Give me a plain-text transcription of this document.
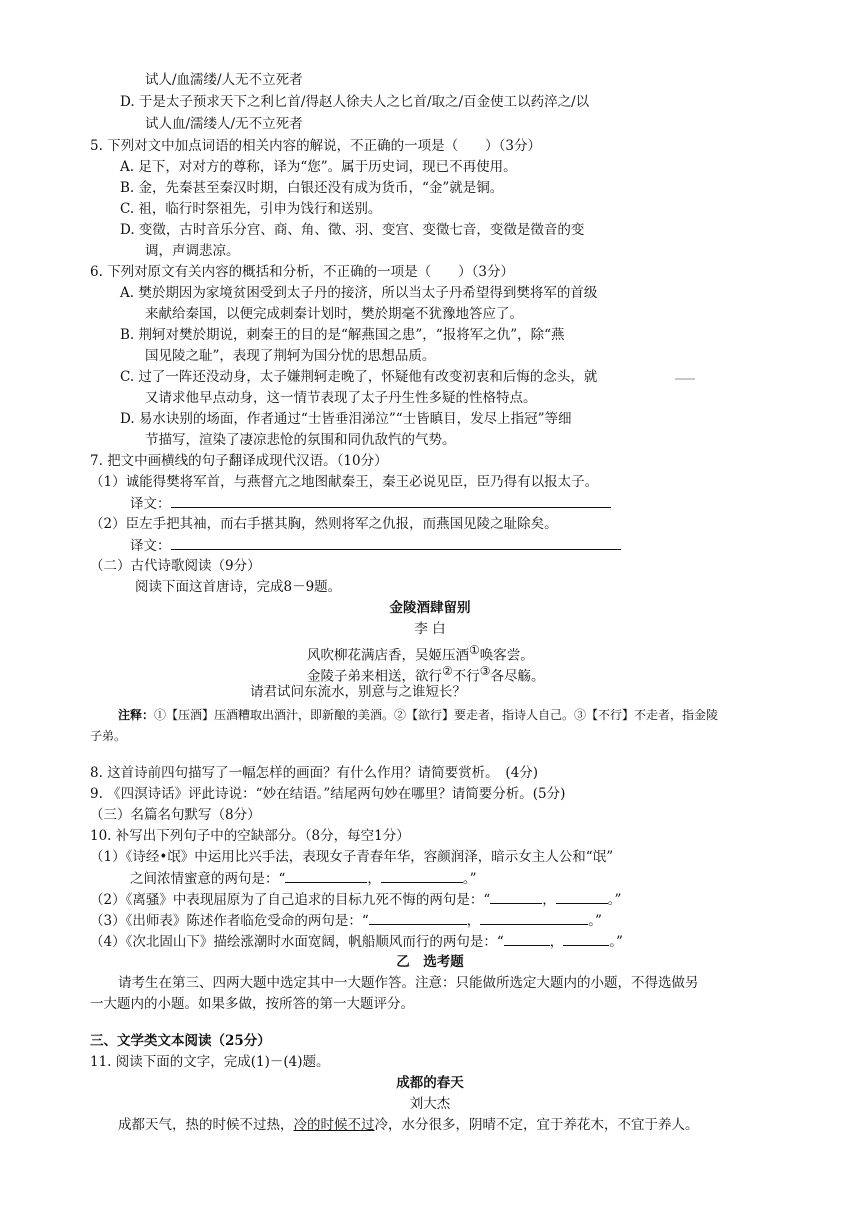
试人/血濡缕/人无不立死者
D. 于是太子预求天下之利匕首/得赵人徐夫人之匕首/取之/百金使工以药淬之/以
试人血/濡缕人/无不立死者
5. 下列对文中加点词语的相关内容的解说，不正确的一项是（　　）（3分）
A. 足下，对对方的尊称，译为“您”。属于历史词，现已不再使用。
B. 金，先秦甚至秦汉时期，白银还没有成为货币，“金”就是铜。
C. 祖，临行时祭祖先，引申为饯行和送别。
D. 变徵，古时音乐分宫、商、角、徵、羽、变宫、变徵七音，变徵是徵音的变
调，声调悲凉。
6. 下列对原文有关内容的概括和分析，不正确的一项是（　　）（3分）
A. 樊於期因为家境贫困受到太子丹的接济，所以当太子丹希望得到樊将军的首级
来献给秦国，以便完成刺秦计划时，樊於期毫不犹豫地答应了。
B. 荆轲对樊於期说，刺秦王的目的是“解燕国之患”，“报将军之仇”，除“燕
国见陵之耻”，表现了荆轲为国分忧的思想品质。
C. 过了一阵还没动身，太子嫌荆轲走晚了，怀疑他有改变初衷和后悔的念头，就
又请求他早点动身，这一情节表现了太子丹生性多疑的性格特点。
D. 易水诀别的场面，作者通过“士皆垂泪涕泣”“士皆瞋目，发尽上指冠”等细
节描写，渲染了凄凉悲怆的氛围和同仇敌忾的气势。
7. 把文中画横线的句子翻译成现代汉语。（10分）
（1）诚能得樊将军首，与燕督亢之地图献秦王，秦王必说见臣，臣乃得有以报太子。
译文：
（2）臣左手把其袖，而右手揕其胸，然则将军之仇报，而燕国见陵之耻除矣。
译文：
（二）古代诗歌阅读（9分）
阅读下面这首唐诗，完成8－9题。
金陵酒肆留别
李 白
风吹柳花满店香，吴姬压酒①唤客尝。
金陵子弟来相送，欲行②不行③各尽觞。
请君试问东流水，别意与之谁短长？
注释：①【压酒】压酒糟取出酒汁，即新酿的美酒。②【欲行】要走者，指诗人自己。③【不行】不走者，指金陵
子弟。
8. 这首诗前四句描写了一幅怎样的画面？有什么作用？请简要赏析。　(4分)
9. 《四溟诗话》评此诗说：“妙在结语。”结尾两句妙在哪里？请简要分析。(5分)
（三）名篇名句默写（8分）
10. 补写出下列句子中的空缺部分。（8分，每空1分）
（1）《诗经•氓》中运用比兴手法，表现女子青春年华，容颜润泽，暗示女主人公和“氓”
之间浓情蜜意的两句是：“	，	。”
（2）《离骚》中表现屈原为了自己追求的目标九死不悔的两句是：“	，	。”
（3）《出师表》陈述作者临危受命的两句是：“	，	。”
（4）《次北固山下》描绘涨潮时水面宽阔，帆船顺风而行的两句是：“	，	。”
乙　选考题
请考生在第三、四两大题中选定其中一大题作答。注意：只能做所选定大题内的小题，不得选做另
一大题内的小题。如果多做，按所答的第一大题评分。
三、文学类文本阅读（25分）
11. 阅读下面的文字，完成(1)－(4)题。
成都的春天
刘大杰
成都天气，热的时候不过热，冷的时候不过冷，水分很多，阴晴不定，宜于养花木，不宜于养人。
